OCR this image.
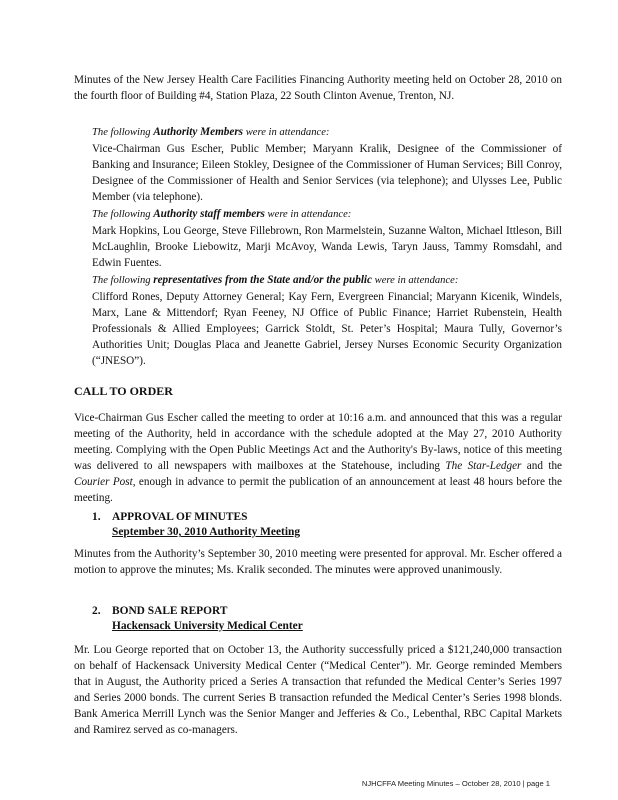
Minutes of the New Jersey Health Care Facilities Financing Authority meeting held on October 28, 2010 on the fourth floor of Building #4, Station Plaza, 22 South Clinton Avenue, Trenton, NJ.
The following Authority Members were in attendance:
Vice-Chairman Gus Escher, Public Member; Maryann Kralik, Designee of the Commissioner of Banking and Insurance; Eileen Stokley, Designee of the Commissioner of Human Services; Bill Conroy, Designee of the Commissioner of Health and Senior Services (via telephone); and Ulysses Lee, Public Member (via telephone).
The following Authority staff members were in attendance:
Mark Hopkins, Lou George, Steve Fillebrown, Ron Marmelstein, Suzanne Walton, Michael Ittleson, Bill McLaughlin, Brooke Liebowitz, Marji McAvoy, Wanda Lewis, Taryn Jauss, Tammy Romsdahl, and Edwin Fuentes.
The following representatives from the State and/or the public were in attendance:
Clifford Rones, Deputy Attorney General; Kay Fern, Evergreen Financial; Maryann Kicenik, Windels, Marx, Lane & Mittendorf; Ryan Feeney, NJ Office of Public Finance; Harriet Rubenstein, Health Professionals & Allied Employees; Garrick Stoldt, St. Peter’s Hospital; Maura Tully, Governor’s Authorities Unit; Douglas Placa and Jeanette Gabriel, Jersey Nurses Economic Security Organization (“JNESO”).
CALL TO ORDER
Vice-Chairman Gus Escher called the meeting to order at 10:16 a.m. and announced that this was a regular meeting of the Authority, held in accordance with the schedule adopted at the May 27, 2010 Authority meeting. Complying with the Open Public Meetings Act and the Authority's By-laws, notice of this meeting was delivered to all newspapers with mailboxes at the Statehouse, including The Star-Ledger and the Courier Post, enough in advance to permit the publication of an announcement at least 48 hours before the meeting.
1. APPROVAL OF MINUTES
September 30, 2010 Authority Meeting
Minutes from the Authority’s September 30, 2010 meeting were presented for approval. Mr. Escher offered a motion to approve the minutes; Ms. Kralik seconded. The minutes were approved unanimously.
2. BOND SALE REPORT
Hackensack University Medical Center
Mr. Lou George reported that on October 13, the Authority successfully priced a $121,240,000 transaction on behalf of Hackensack University Medical Center (“Medical Center”). Mr. George reminded Members that in August, the Authority priced a Series A transaction that refunded the Medical Center’s Series 1997 and Series 2000 bonds. The current Series B transaction refunded the Medical Center’s Series 1998 blonds. Bank America Merrill Lynch was the Senior Manger and Jefferies & Co., Lebenthal, RBC Capital Markets and Ramirez served as co-managers.
NJHCFFA Meeting Minutes – October 28, 2010 | page 1
